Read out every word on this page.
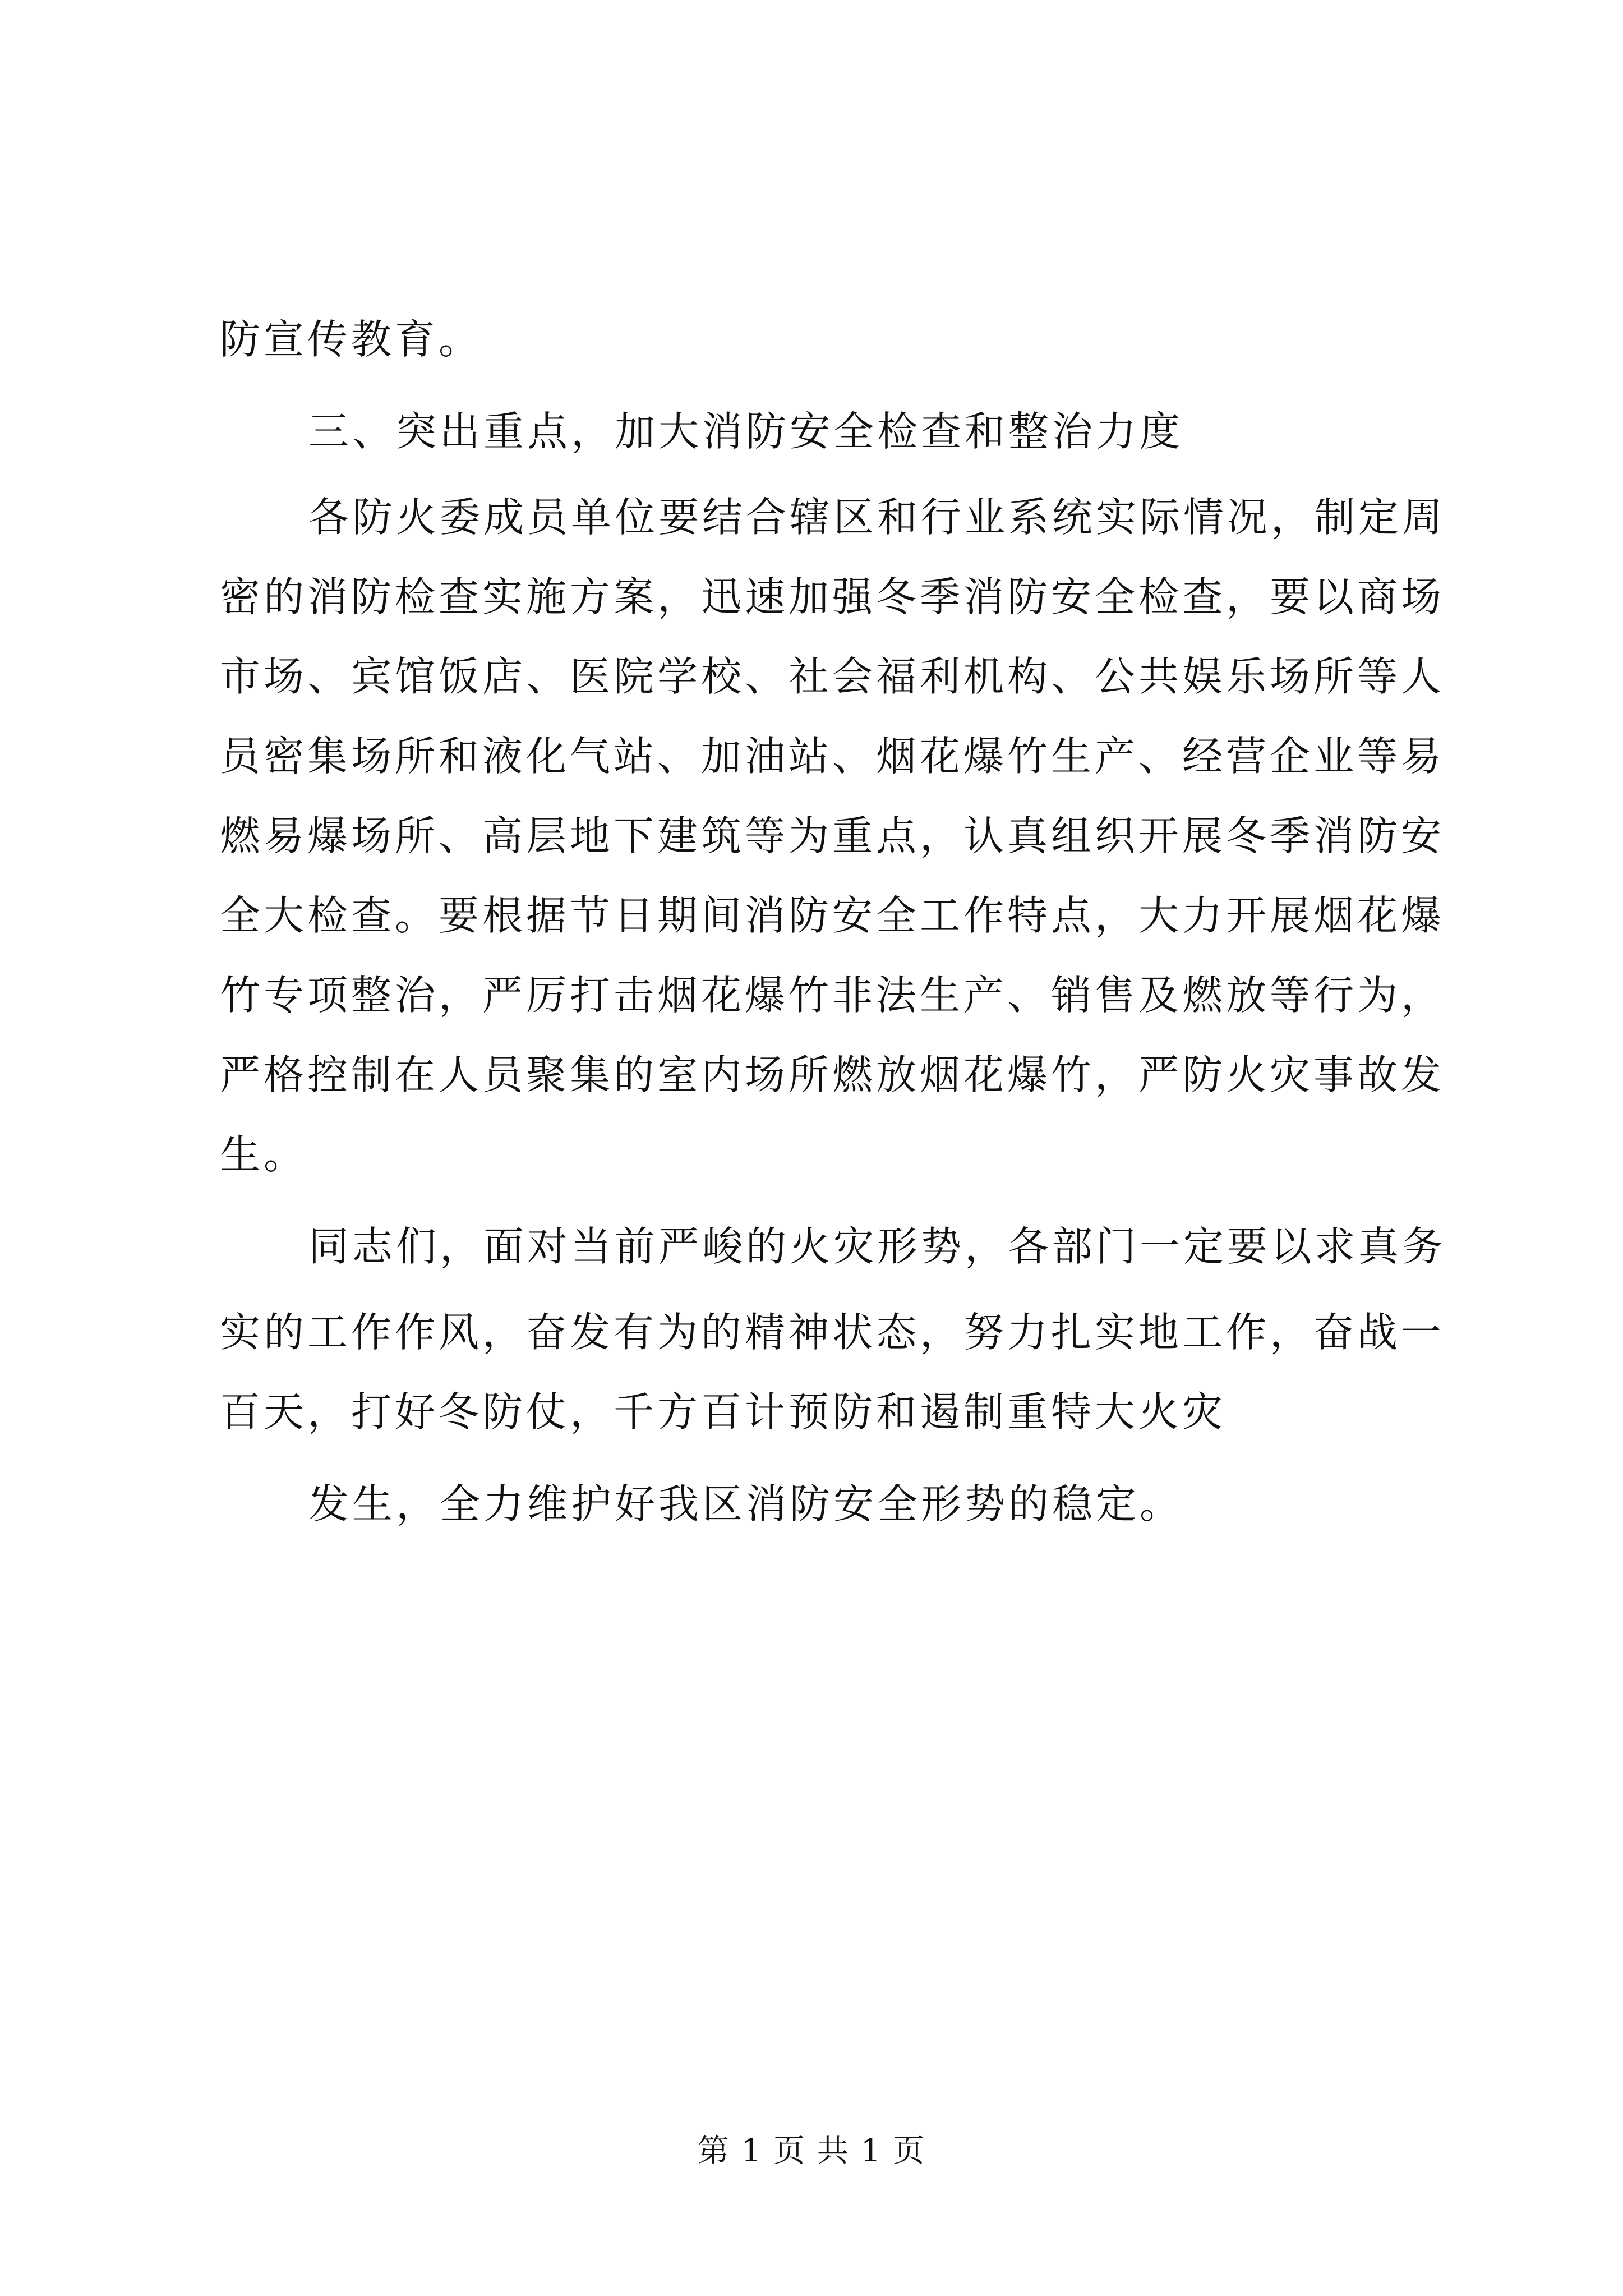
防宣传教育。
三、突出重点，加大消防安全检查和整治力度
各防火委成员单位要结合辖区和行业系统实际情况，制定周
密的消防检查实施方案，迅速加强冬季消防安全检查，要以商场
市场、宾馆饭店、医院学校、社会福利机构、公共娱乐场所等人
员密集场所和液化气站、加油站、烟花爆竹生产、经营企业等易
燃易爆场所、高层地下建筑等为重点，认真组织开展冬季消防安
全大检查。要根据节日期间消防安全工作特点，大力开展烟花爆
竹专项整治，严厉打击烟花爆竹非法生产、销售及燃放等行为，
严格控制在人员聚集的室内场所燃放烟花爆竹，严防火灾事故发
生。
同志们，面对当前严峻的火灾形势，各部门一定要以求真务
实的工作作风，奋发有为的精神状态，努力扎实地工作，奋战一
百天，打好冬防仗，千方百计预防和遏制重特大火灾
发生，全力维护好我区消防安全形势的稳定。
第 1 页 共 1 页
